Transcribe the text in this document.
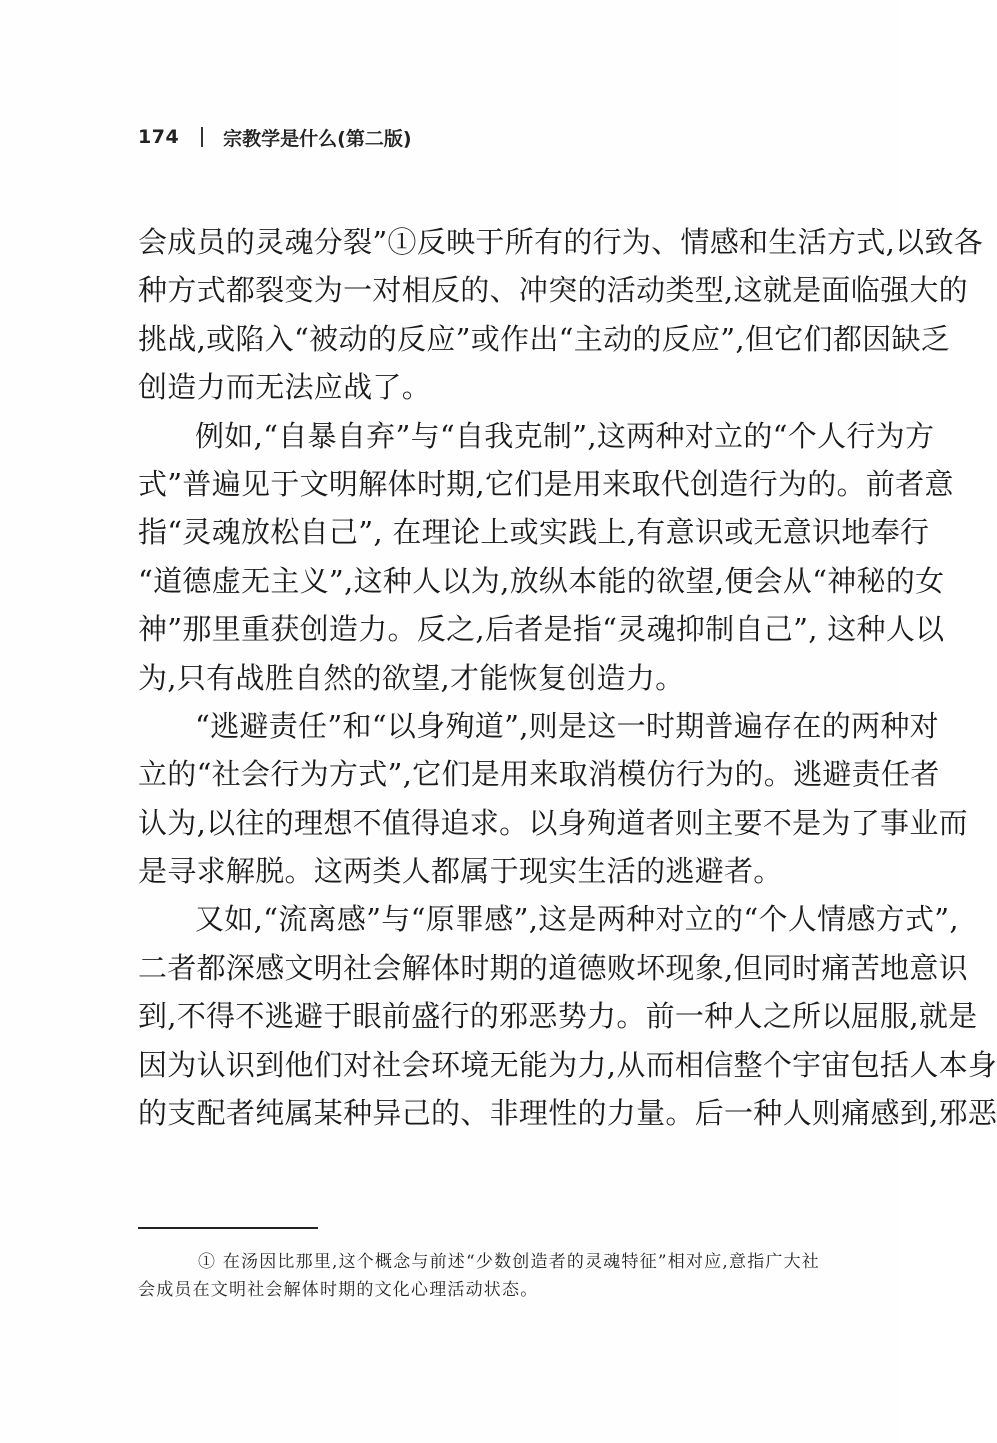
174 宗教学是什么(第二版)
会成员的灵魂分裂”①反映于所有的行为、情感和生活方式,以致各
种方式都裂变为一对相反的、冲突的活动类型,这就是面临强大的
挑战,或陷入“被动的反应”或作出“主动的反应”,但它们都因缺乏
创造力而无法应战了。
例如,“自暴自弃”与“自我克制”,这两种对立的“个人行为方
式”普遍见于文明解体时期,它们是用来取代创造行为的。前者意
指“灵魂放松自己”, 在理论上或实践上,有意识或无意识地奉行
“道德虚无主义”,这种人以为,放纵本能的欲望,便会从“神秘的女
神”那里重获创造力。反之,后者是指“灵魂抑制自己”, 这种人以
为,只有战胜自然的欲望,才能恢复创造力。
“逃避责任”和“以身殉道”,则是这一时期普遍存在的两种对
立的“社会行为方式”,它们是用来取消模仿行为的。逃避责任者
认为,以往的理想不值得追求。以身殉道者则主要不是为了事业而
是寻求解脱。这两类人都属于现实生活的逃避者。
又如,“流离感”与“原罪感”,这是两种对立的“个人情感方式”,
二者都深感文明社会解体时期的道德败坏现象,但同时痛苦地意识
到,不得不逃避于眼前盛行的邪恶势力。前一种人之所以屈服,就是
因为认识到他们对社会环境无能为力,从而相信整个宇宙包括人本身
的支配者纯属某种异己的、非理性的力量。后一种人则痛感到,邪恶
① 在汤因比那里,这个概念与前述“少数创造者的灵魂特征”相对应,意指广大社
会成员在文明社会解体时期的文化心理活动状态。
